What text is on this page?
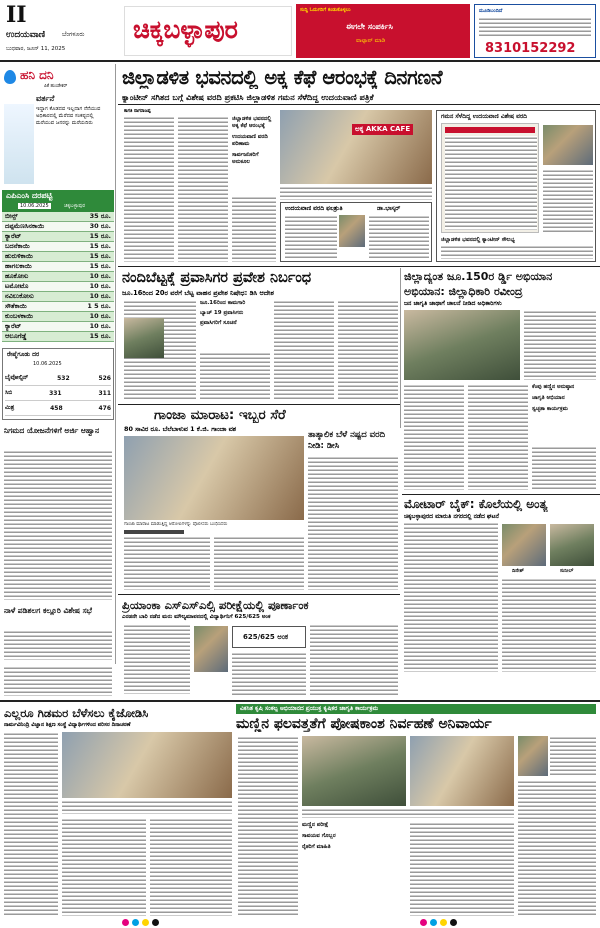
II
ಉದಯವಾಣಿ	ಬೆಂಗಳೂರು
ಬುಧವಾರ, ಜೂನ್ 11, 2025
ಚಿಕ್ಕಬಳ್ಳಾಪುರ
ಸುದ್ದಿ ಓದುಗರಿಗೆ ಕಂಡುಕೊಳ್ಳಲು
ಈಗಲೇ ಸಂಪರ್ಕಿಸಿ
ವಾಟ್ಸಾಪ್ ಮಾಡಿ
ಮೂಡಿಬಂದಿದೆ
8310152292
ಹನಿ ದನಿ
ಪಿಕೆ ಹುಂಡೇಕರ್
ವರ್ತನೆ
ಇದ್ದಾಗ ಕೊಡದವ ಇಲ್ಲದಾಗ ನೆನೆಯುವ ಅಧಿಕಾರದಲ್ಲಿ ಮೆರೆದವ ಸಂಕಷ್ಟದಲ್ಲಿ ಮರೆಯುವ ಜನರನ್ನು ಮರೆಯದಿರು
ಎಪಿಎಂಸಿ ದರಪಟ್ಟಿ
10.06.2025	ಚಿಕ್ಕಬಳ್ಳಾಪುರ
ಬೀನ್ಸ್	35 ರೂ.
ದಪ್ಪಮೆಣಸಿನಕಾಯಿ	30 ರೂ.
ಕ್ಯಾರೆಟ್	15 ರೂ.
ಬದನೆಕಾಯಿ	15 ರೂ.
ಹುರುಳಿಕಾಯಿ	15 ರೂ.
ಹಾಗಲಕಾಯಿ	15 ರೂ.
ಹೂಕೋಸು	10 ರೂ.
ಟಮೋಟೊ	10 ರೂ.
ನವಿಲುಕೋಸು	10 ರೂ.
ಸೌತೆಕಾಯಿ	1 5 ರೂ.
ಕುಂಬಳಕಾಯಿ	10 ರೂ.
ಕ್ಯಾರೆಟ್	10 ರೂ.
ಆಲೂಗೆಡ್ಡೆ	15 ರೂ.
ರೇಷ್ಮೆಗೂಡು ದರ
10.06.2025
ಬೈವೋಲ್ಟಿನ್	532	526
ಸಿಬಿ	331	311
ಮಿಶ್ರ	458	476
ನಿಗಮದ ಯೋಜನೆಗಳಿಗೆ ಅರ್ಜಿ ಆಹ್ವಾನ
ನಾಳೆ ಪಡಿಶಲಗ ಕಲ್ಲೂರಿ ವಿಶೇಷ ಸಭೆ
ಜಿಲ್ಲಾಡಳಿತ ಭವನದಲ್ಲಿ ಅಕ್ಕ ಕೆಫೆ ಆರಂಭಕ್ಕೆ ದಿನಗಣನೆ
ಕ್ಯಾಂಟೀನ್ ಸಗಿತದ ಬಗ್ಗೆ ವಿಶೇಷ ವರದಿ ಪ್ರಕಟಿಸಿ ಜಿಲ್ಲಾಡಳಿತ ಗಮನ ಸೆಳೆದಿದ್ದ ಉದಯವಾಣಿ ಪತ್ರಿಕೆ
ಕಾಗತಿ ನಾಗರಾಜಪ್ಪ
ಜಿಲ್ಲಾಡಳಿತ ಭವನದಲ್ಲಿ ಅಕ್ಕ ಕೆಫೆ ಆರಂಭಕ್ಕೆ
ಉದಯವಾಣಿ ವರದಿ ಪರಿಣಾಮ
ಸಾರ್ವಜನಿಕರಿಗೆ ಅನುಕೂಲ
ಅಕ್ಕ AKKA CAFE
ಉದಯವಾಣಿ ವರದಿ ಫಲಶ್ರುತಿ	ಡಾ.ಭಾಸ್ಕರ್
ಗಮನ ಸೆಳೆದಿದ್ದ ಉದಯವಾಣಿ ವಿಶೇಷ ವರದಿ
ಜಿಲ್ಲಾಡಳಿತ ಭವನದಲ್ಲಿ ಕ್ಯಾಂಟೀನ್ ಸೌಲಭ್ಯ
ನಂದಿಬೆಟ್ಟಕ್ಕೆ ಪ್ರವಾಸಿಗರ ಪ್ರವೇಶ ನಿರ್ಬಂಧ
ಜೂ.16ರಿಂದ 20ರ ವರೆಗೆ ಬೆಟ್ಟ ವಾಹನ ಪ್ರವೇಶ ನಿಷೇಧ: ಡಿಸಿ ಆದೇಶ
ಜೂ.16ರಿಂದ ಕಾಮಗಾರಿ
ಬ್ಯಾಚ್ 19 ಪ್ರವಾಸಿಗರು
ಪ್ರವಾಸಿಗರಿಗೆ ಸೂಚನೆ
ಜಿಲ್ಲಾದ್ಯಂತ ಜೂ.150ರ ರ್ಡ್ಡಿ ಅಭಿಯಾನ
ಅಭಿಯಾನ: ಜಿಲ್ಲಾಧಿಕಾರಿ ರವೀಂದ್ರ
ಜನ ಜಾಗೃತಿ ಜಾಥಾಗೆ ಚಾಲನೆ ನೀಡಿದ ಅಧಿಕಾರಿಗಳು
ಕೆಂಪು ಹಣ್ಣಿನ ಅನುಷ್ಠಾನ
ಜಾಗೃತಿ ಅಭಿಯಾನ
ಸ್ವಚ್ಛತಾ ಕಾರ್ಯಕ್ರಮ
ಗಾಂಜಾ ಮಾರಾಟ: ಇಬ್ಬರ ಸೆರೆ
80 ಸಾವಿರ ರೂ. ಬೆಲೆಬಾಳುವ 1 ಕೆ.ಜಿ. ಗಾಂಜಾ ವಶ
ಗಾಂಜಾ ಮಾರಾಟ ಮಾಡುತ್ತಿದ್ದ ಆರೋಪಿಗಳನ್ನು ಪೊಲೀಸರು ಬಂಧಿಸಿದರು
ತಾತ್ಕಾಲಿಕ ಬೆಳೆ ನಷ್ಟದ ವರದಿ ನೀಡಿ: ಡೀಸಿ
ಮೋಟಾರ್ ಬೈಕ್: ಕೊಲೆಯಲ್ಲಿ ಅಂತ್ಯ
ಚಿಕ್ಕಬಳ್ಳಾಪುರದ ಮಾರುತಿ ನಗರದಲ್ಲಿ ನಡೆದ ಘಟನೆ
ದಿನೇಶ್	ಸುನೀಲ್
ಪ್ರಿಯಾಂಕಾ ಎಸ್ಎಸ್ಎಲ್ಸಿ ಪರೀಕ್ಷೆಯಲ್ಲಿ ಪೂರ್ಣಾಂಕ
ಎರಡನೇ ಬಾರಿ ನಡೆದ ಮರು ಮೌಲ್ಯಮಾಪನದಲ್ಲಿ ವಿದ್ಯಾರ್ಥಿನಿಗೆ 625/625 ಅಂಕ
625/625 ಅಂಕ
ವಿಕಸಿತ ಕೃಷಿ ಸಂಕಲ್ಪ ಅಭಿಯಾನದ ಪ್ರಯುಕ್ತ ಕೃಷಿಕರ ಜಾಗೃತಿ ಕಾರ್ಯಕ್ರಮ
ಎಲ್ಲರೂ ಗಿಡಮರ ಬೆಳೆಸಲು ಕೈಜೋಡಿಸಿ
ನಾರ್ಮವಿನಿಂದ್ರಿ ವಿಜ್ಞಾನ ಶಿಕ್ಷಣ ಸಂಸ್ಥೆ ವಿದ್ಯಾರ್ಥಿಗಳಿಂದ ಪರಿಸರ ದಿನಾಚರಣೆ	ಮಣ್ಣಿನ ಫಲವತ್ತತೆಗೆ ಪೋಷಕಾಂಶ ನಿರ್ವಹಣೆ ಅನಿವಾರ್ಯ
ಮಣ್ಣಿನ ಪರೀಕ್ಷೆ
ಸಾವಯವ ಗೊಬ್ಬರ
ರೈತರಿಗೆ ಮಾಹಿತಿ
